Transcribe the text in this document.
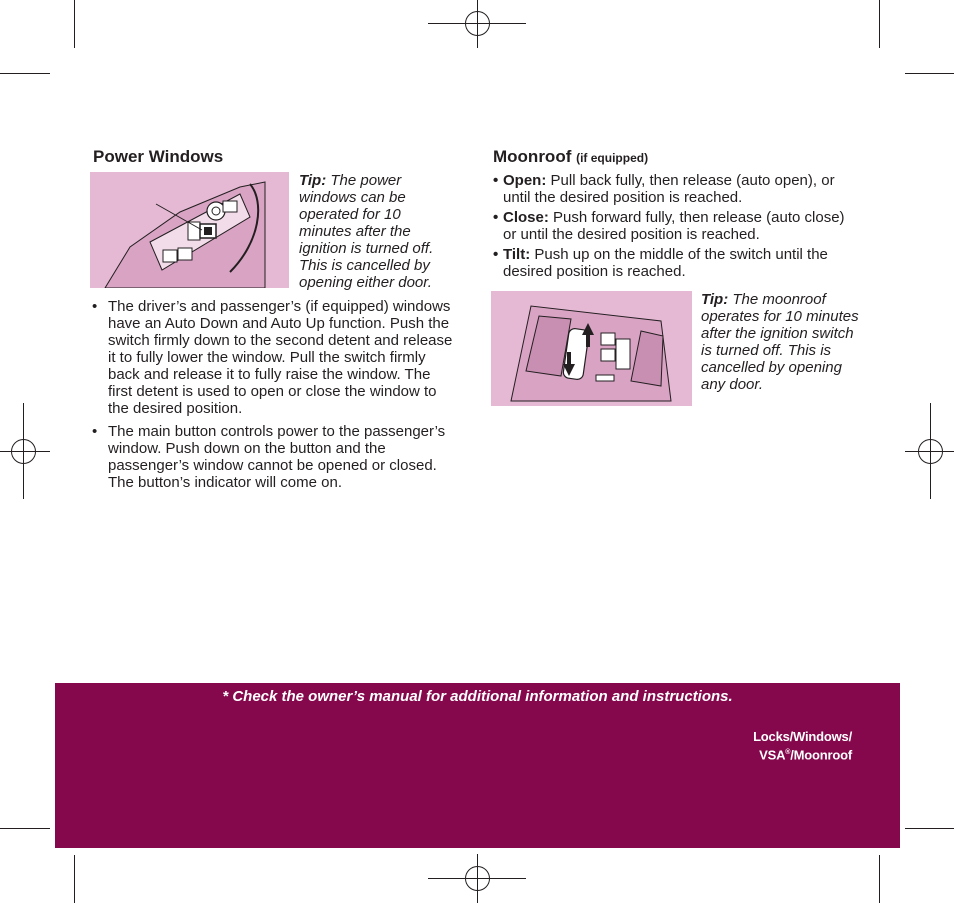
Power Windows
Tip: The power windows can be operated for 10 minutes after the ignition is turned off. This is cancelled by opening either door.
• The driver’s and passenger’s (if equipped) windows have an Auto Down and Auto Up function. Push the switch firmly down to the second detent and release it to fully lower the window. Pull the switch firmly back and release it to fully raise the window. The first detent is used to open or close the window to the desired position.
• The main button controls power to the passenger’s window. Push down on the button and the passenger’s window cannot be opened or closed. The button’s indicator will come on.
Moonroof (if equipped)
• Open: Pull back fully, then release (auto open), or until the desired position is reached.
• Close: Push forward fully, then release (auto close) or until the desired position is reached.
• Tilt: Push up on the middle of the switch until the desired position is reached.
Tip: The moonroof operates for 10 minutes after the ignition switch is turned off. This is cancelled by opening any door.
* Check the owner’s manual for additional information and instructions.
Locks/Windows/
VSA®/Moonroof
